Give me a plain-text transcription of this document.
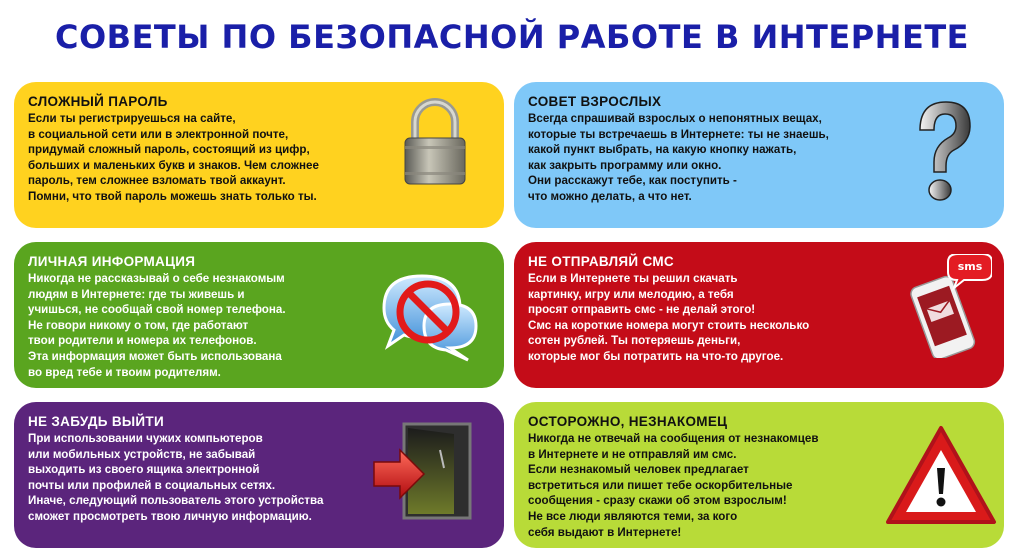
СОВЕТЫ ПО БЕЗОПАСНОЙ РАБОТЕ В ИНТЕРНЕТЕ
СЛОЖНЫЙ ПАРОЛЬ

Если ты регистрируешься на сайте,

в социальной сети или в электронной почте,

придумай сложный пароль, состоящий из цифр,

больших и маленьких букв и знаков. Чем сложнее

пароль, тем сложнее взломать твой аккаунт.

Помни, что твой пароль можешь знать только ты.

СОВЕТ ВЗРОСЛЫХ

Всегда спрашивай взрослых о непонятных вещах,

которые ты встречаешь в Интернете: ты не знаешь,

какой пункт выбрать, на какую кнопку нажать,

как закрыть программу или окно.

Они расскажут тебе, как поступить -

что можно делать, а что нет.

ЛИЧНАЯ ИНФОРМАЦИЯ

Никогда не рассказывай о себе незнакомым

людям в Интернете: где ты живешь и

учишься, не сообщай свой номер телефона.

Не говори никому о том, где работают

твои родители и номера их телефонов.

Эта информация может быть использована

во вред тебе и твоим родителям.

НЕ ОТПРАВЛЯЙ СМС

Если в Интернете ты решил скачать

картинку, игру или мелодию, а тебя

просят отправить смс - не делай этого!

Смс на короткие номера могут стоить несколько

сотен рублей. Ты потеряешь деньги,

которые мог бы потратить на что-то другое.

sms
НЕ ЗАБУДЬ ВЫЙТИ

При использовании чужих компьютеров

или мобильных устройств, не забывай

выходить из своего ящика электронной

почты или профилей в социальных сетях.

Иначе, следующий пользователь этого устройства

сможет просмотреть твою личную информацию.

ОСТОРОЖНО, НЕЗНАКОМЕЦ

Никогда не отвечай на сообщения от незнакомцев

в Интернете и не отправляй им смс.

Если незнакомый человек предлагает

встретиться или пишет тебе оскорбительные

сообщения - сразу скажи об этом взрослым!

Не все люди являются теми, за кого

себя выдают в Интернете!
